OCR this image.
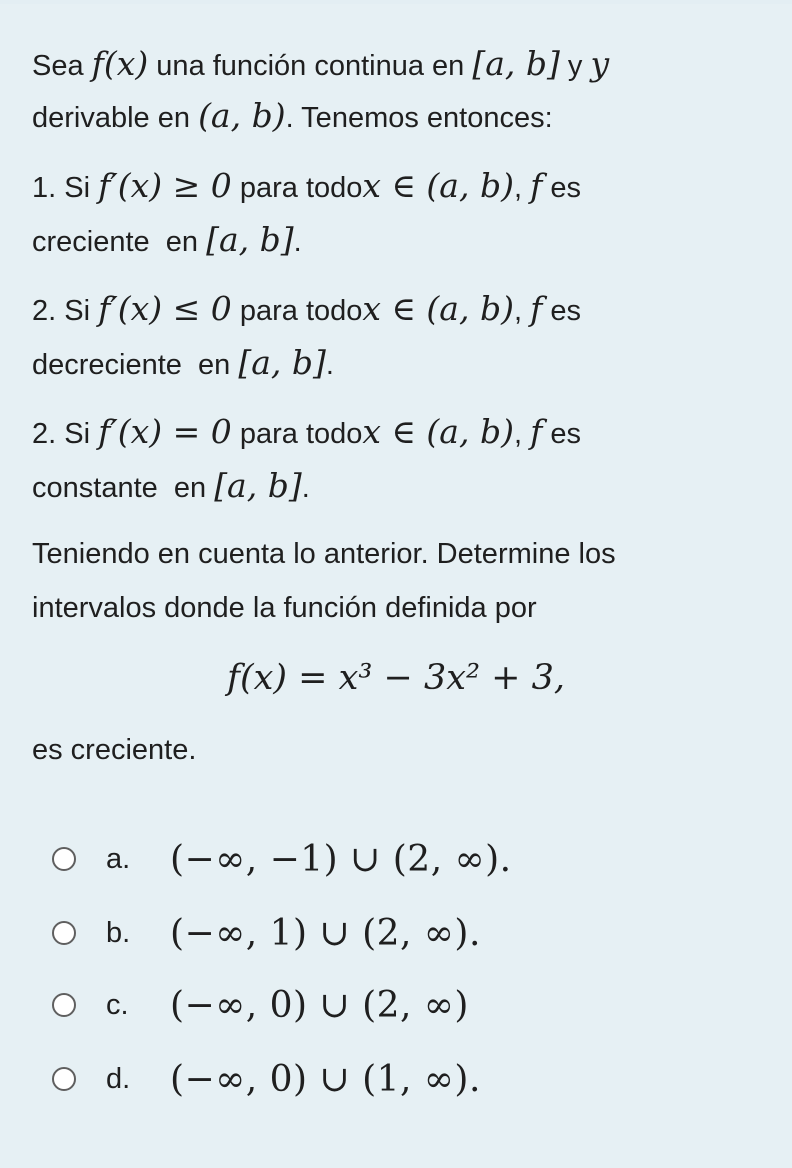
Sea f(x) una función continua en [a, b] y y
derivable en (a, b). Tenemos entonces:
1. Si f′(x) ≥ 0 para todox ∈ (a, b), f es
creciente  en [a, b].
2. Si f′(x) ≤ 0 para todox ∈ (a, b), f es
decreciente  en [a, b].
2. Si f′(x) = 0 para todox ∈ (a, b), f es
constante  en [a, b].
Teniendo en cuenta lo anterior. Determine los
intervalos donde la función definida por
f(x) = x³ − 3x² + 3,
es creciente.
a.	(−∞, −1) ∪ (2, ∞).
b.	(−∞, 1) ∪ (2, ∞).
c.	(−∞, 0) ∪ (2, ∞)
d.	(−∞, 0) ∪ (1, ∞).
